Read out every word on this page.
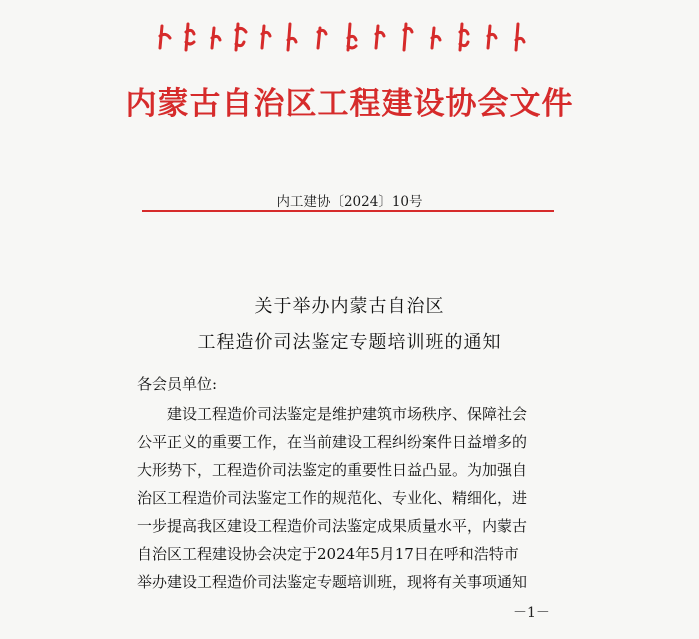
内蒙古自治区工程建设协会文件
内工建协〔2024〕10号
关于举办内蒙古自治区
工程造价司法鉴定专题培训班的通知
各会员单位:
　　建设工程造价司法鉴定是维护建筑市场秩序、保障社会
公平正义的重要工作，在当前建设工程纠纷案件日益增多的
大形势下，工程造价司法鉴定的重要性日益凸显。为加强自
治区工程造价司法鉴定工作的规范化、专业化、精细化，进
一步提高我区建设工程造价司法鉴定成果质量水平，内蒙古
自治区工程建设协会决定于2024年5月17日在呼和浩特市
举办建设工程造价司法鉴定专题培训班，现将有关事项通知
－1－
